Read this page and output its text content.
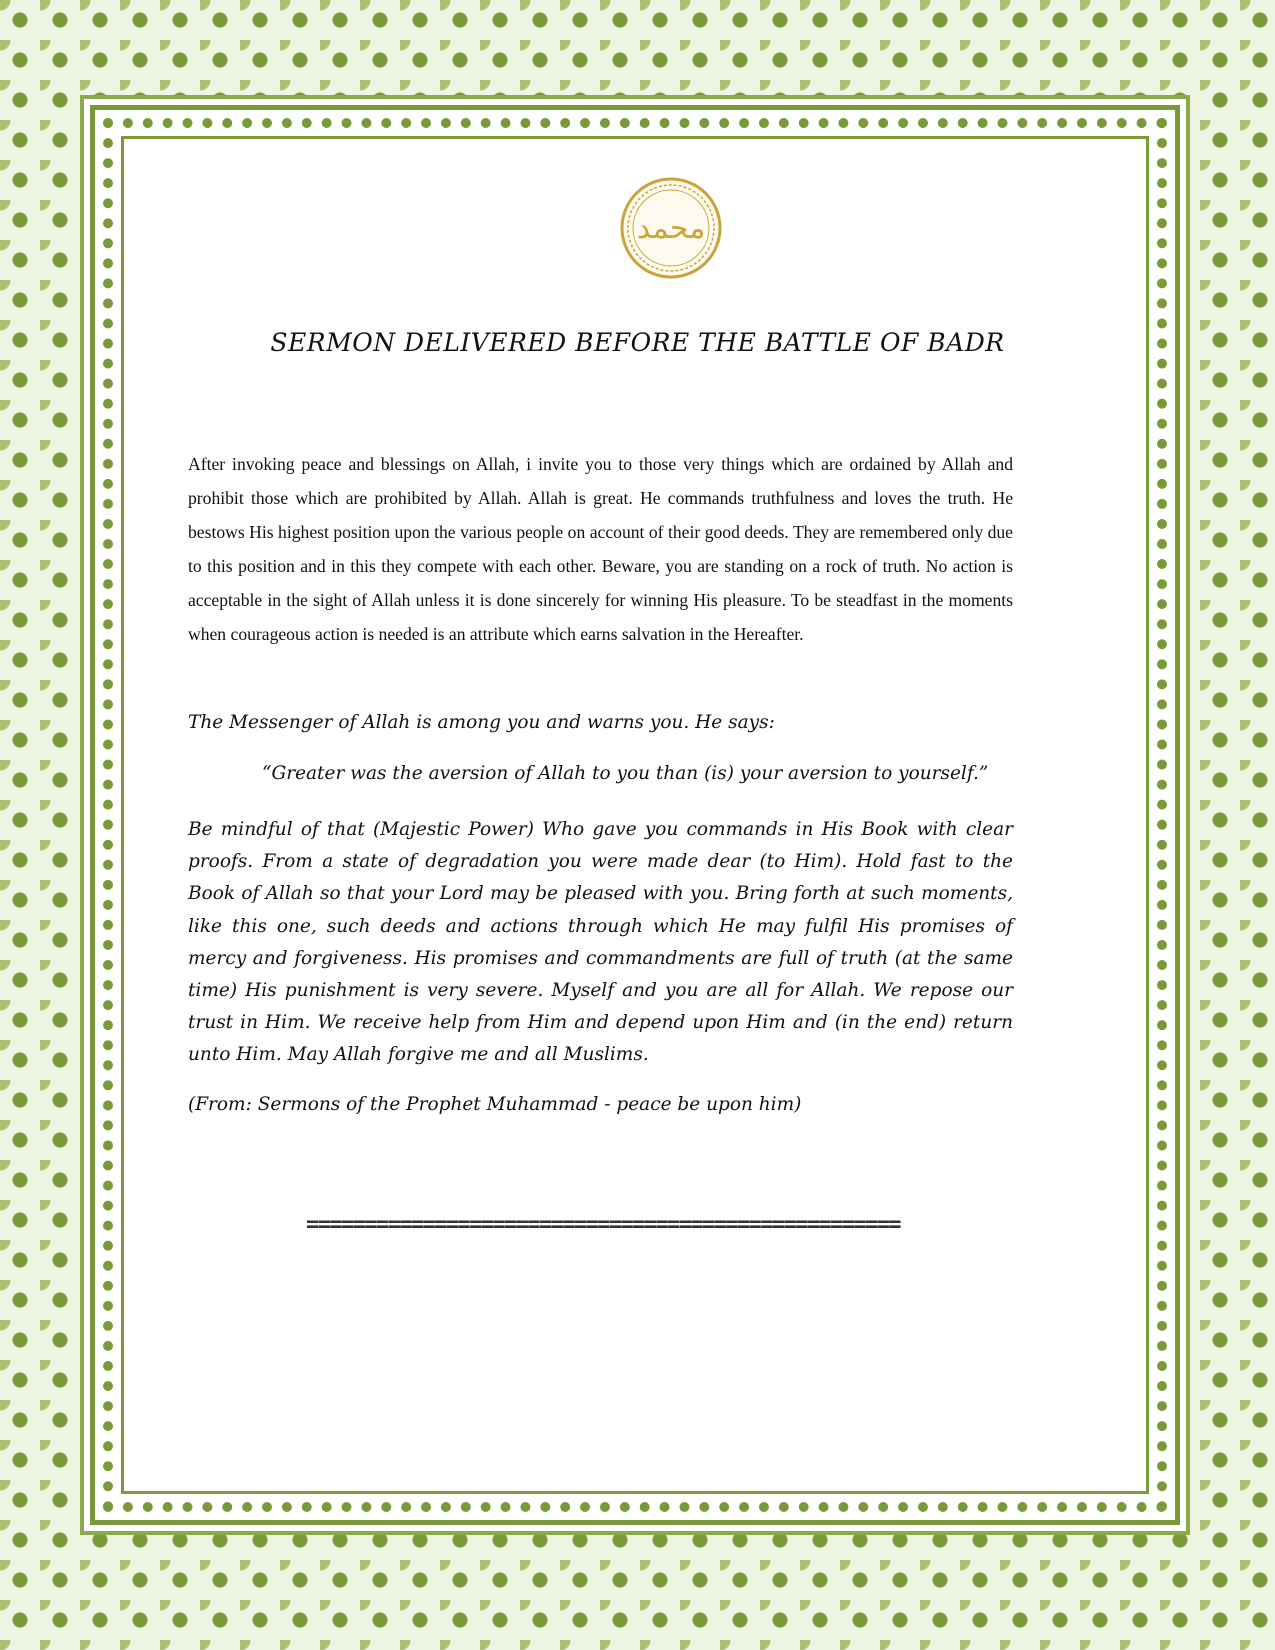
محمد
SERMON DELIVERED BEFORE THE BATTLE OF BADR
After invoking peace and blessings on Allah, i invite you to those very things which are ordained by Allah and prohibit those which are prohibited by Allah. Allah is great. He commands truthfulness and loves the truth. He bestows His highest position upon the various people on account of their good deeds. They are remembered only due to this position and in this they compete with each other. Beware, you are standing on a rock of truth. No action is acceptable in the sight of Allah unless it is done sincerely for winning His pleasure. To be steadfast in the moments when courageous action is needed is an attribute which earns salvation in the Hereafter.
The Messenger of Allah is among you and warns you. He says:
“Greater was the aversion of Allah to you than (is) your aversion to yourself.”
Be mindful of that (Majestic Power) Who gave you commands in His Book with clear proofs. From a state of degradation you were made dear (to Him). Hold fast to the Book of Allah so that your Lord may be pleased with you. Bring forth at such moments, like this one, such deeds and actions through which He may fulfil His promises of mercy and forgiveness. His promises and commandments are full of truth (at the same time) His punishment is very severe. Myself and you are all for Allah. We repose our trust in Him. We receive help from Him and depend upon Him and (in the end) return unto Him. May Allah forgive me and all Muslims.
(From: Sermons of the Prophet Muhammad - peace be upon him)
===================================================
